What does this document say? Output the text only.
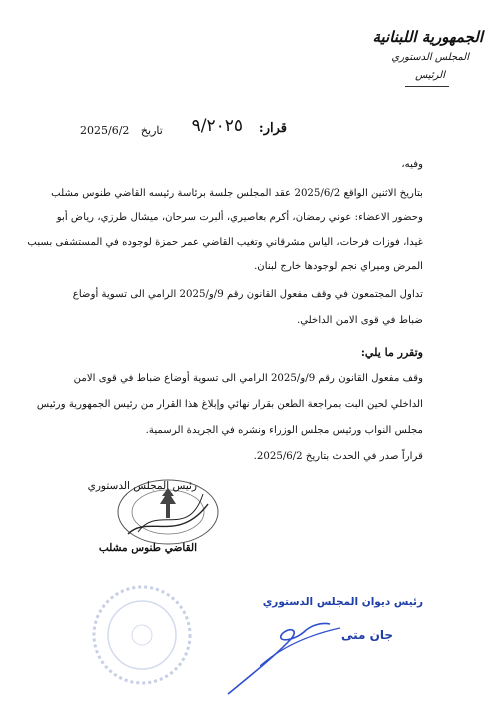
الجمهورية اللبنانية
المجلس الدستوري
الرئيس
قرار:
٩/٢٠٢٥
2025/6/2 تاريخ
وفيه،
بتاريخ الاثنين الواقع 2025/6/2 عقد المجلس جلسة برئاسة رئيسه القاضي طنوس مشلب
وحضور الاعضاء: عوني رمضان، أكرم بعاصيري، ألبرت سرحان، ميشال طرزي، رياض أبو
غيدا، فوزات فرحات، الياس مشرقاني وتغيب القاضي عمر حمزة لوجوده في المستشفى بسبب
المرض وميراي نجم لوجودها خارج لبنان.
تداول المجتمعون في وقف مفعول القانون رقم 9/و/2025 الرامي الى تسوية أوضاع
ضباط في قوى الامن الداخلي.
وتقرر ما يلي:
وقف مفعول القانون رقم 9/و/2025 الرامي الى تسوية أوضاع ضباط في قوى الامن
الداخلي لحين البت بمراجعة الطعن بقرار نهائي وإبلاغ هذا القرار من رئيس الجمهورية ورئيس
مجلس النواب ورئيس مجلس الوزراء ونشره في الجريدة الرسمية.
قراراً صدر في الحدث بتاريخ 2025/6/2.
رئيس المجلس الدستوري
القاضي طنوس مشلب
رئيس ديوان المجلس الدستوري
جان متى
